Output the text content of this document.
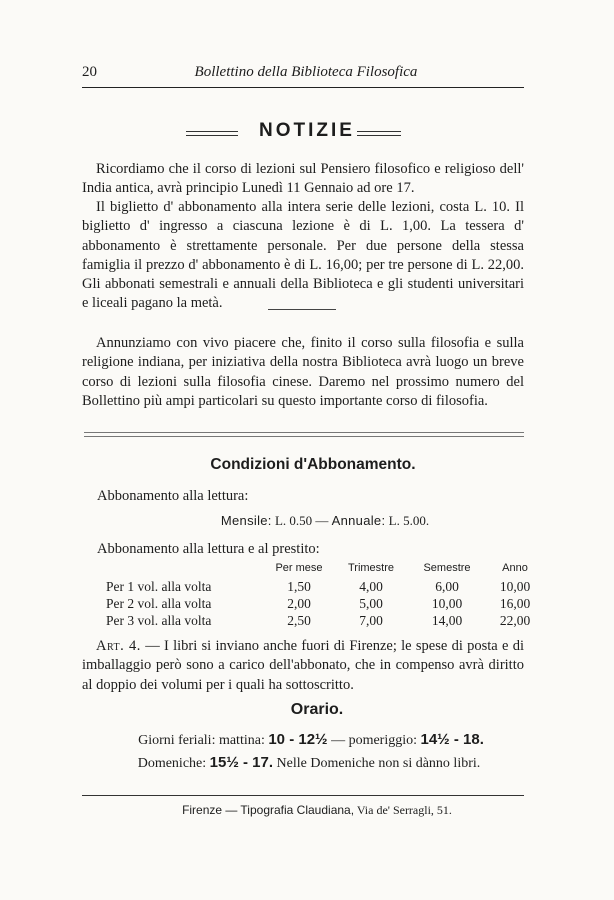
20	Bollettino della Biblioteca Filosofica
NOTIZIE

Ricordiamo che il corso di lezioni sul Pensiero filosofico e religioso dell' India antica, avrà principio Lunedì 11 Gennaio ad ore 17.

Il biglietto d' abbonamento alla intera serie delle lezioni, costa L. 10. Il biglietto d' ingresso a ciascuna lezione è di L. 1,00. La tessera d' abbonamento è strettamente personale. Per due persone della stessa famiglia il prezzo d' abbonamento è di L. 16,00; per tre persone di L. 22,00. Gli abbonati semestrali e annuali della Biblioteca e gli studenti universitari e liceali pagano la metà.

Annunziamo con vivo piacere che, finito il corso sulla filosofia e sulla religione indiana, per iniziativa della nostra Biblioteca avrà luogo un breve corso di lezioni sulla filosofia cinese. Daremo nel prossimo numero del Bollettino più ampi particolari su questo importante corso di filosofia.

Condizioni d'Abbonamento.
Abbonamento alla lettura:
Mensile: L. 0.50 — Annuale: L. 5.00.
Abbonamento alla lettura e al prestito:
	Per mese	Trimestre	Semestre	Anno
Per 1 vol. alla volta	1,50	4,00	6,00	10,00
Per 2 vol. alla volta	2,00	5,00	10,00	16,00
Per 3 vol. alla volta	2,50	7,00	14,00	22,00

Art. 4. — I libri si inviano anche fuori di Firenze; le spese di posta e di imballaggio però sono a carico dell'abbonato, che in compenso avrà diritto al doppio dei volumi per i quali ha sottoscritto.

Orario.
Giorni feriali: mattina: 10 - 12½ — pomeriggio: 14½ - 18.
Domeniche: 15½ - 17. Nelle Domeniche non si dànno libri.
Firenze — Tipografia Claudiana, Via de' Serragli, 51.
